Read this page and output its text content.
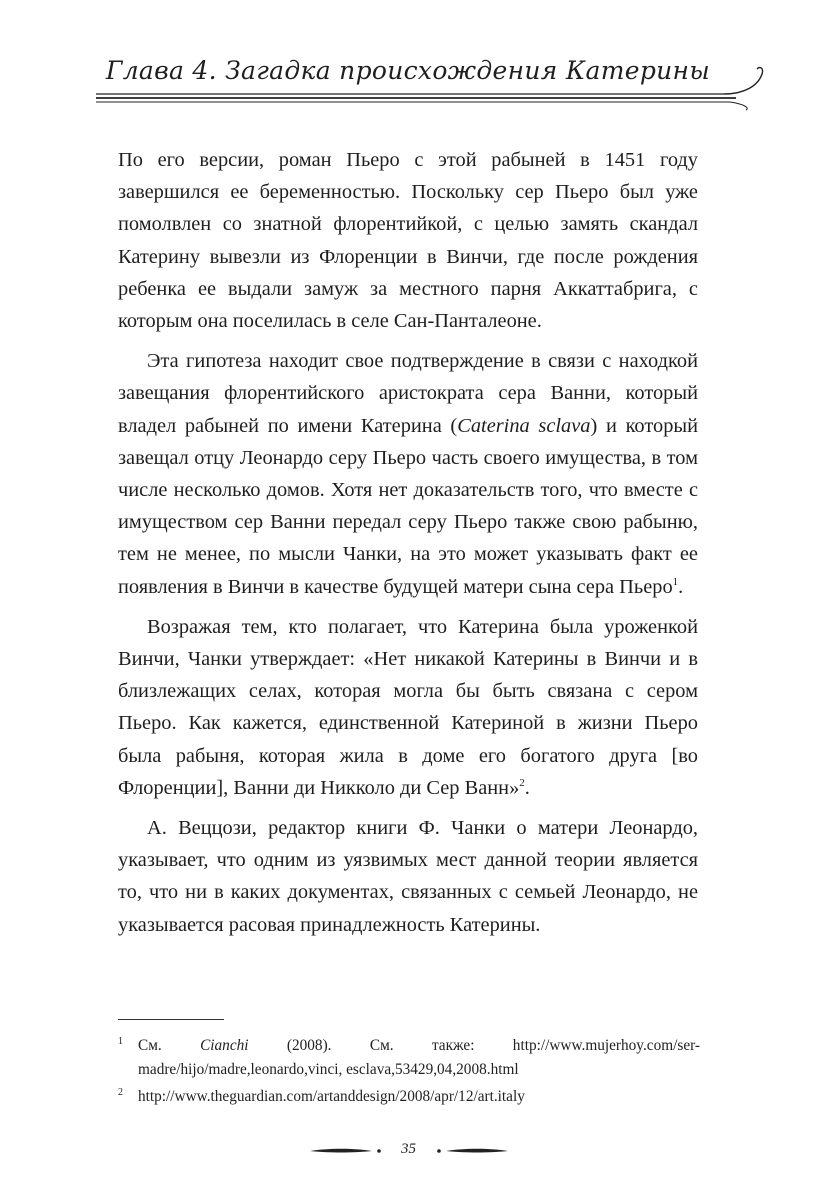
Глава 4. Загадка происхождения Катерины

По его версии, роман Пьеро с этой рабыней в 1451 году завершился ее беременностью. Поскольку сер Пьеро был уже помолвлен со знатной флорентийкой, с целью замять скандал Катерину вывезли из Флоренции в Винчи, где после рождения ребенка ее выдали замуж за местного парня Аккаттабрига, с которым она поселилась в селе Сан-Панталеоне.

Эта гипотеза находит свое подтверждение в связи с находкой завещания флорентийского аристократа сера Ванни, который владел рабыней по имени Катерина (Caterina sclava) и который завещал отцу Леонардо серу Пьеро часть своего имущества, в том числе несколько домов. Хотя нет доказательств того, что вместе с имуществом сер Ванни передал серу Пьеро также свою рабыню, тем не менее, по мысли Чанки, на это может указывать факт ее появления в Винчи в качестве будущей матери сына сера Пьеро$^1$.

Возражая тем, кто полагает, что Катерина была уроженкой Винчи, Чанки утверждает: «Нет никакой Катерины в Винчи и в близлежащих селах, которая могла бы быть связана с сером Пьеро. Как кажется, единственной Катериной в жизни Пьеро была рабыня, которая жила в доме его богатого друга [во Флоренции], Ванни ди Никколо ди Сер Ванн»$^2$.

А. Веццози, редактор книги Ф. Чанки о матери Леонардо, указывает, что одним из уязвимых мест данной теории является то, что ни в каких документах, связанных с семьей Леонардо, не указывается расовая принадлежность Катерины.

1 См. Cianchi (2008). См. также: http://www.mujerhoy.com/ser-madre/hijo/madre,leonardo,vinci, esclava,53429,04,2008.html
2 http://www.theguardian.com/artanddesign/2008/apr/12/art.italy
35
